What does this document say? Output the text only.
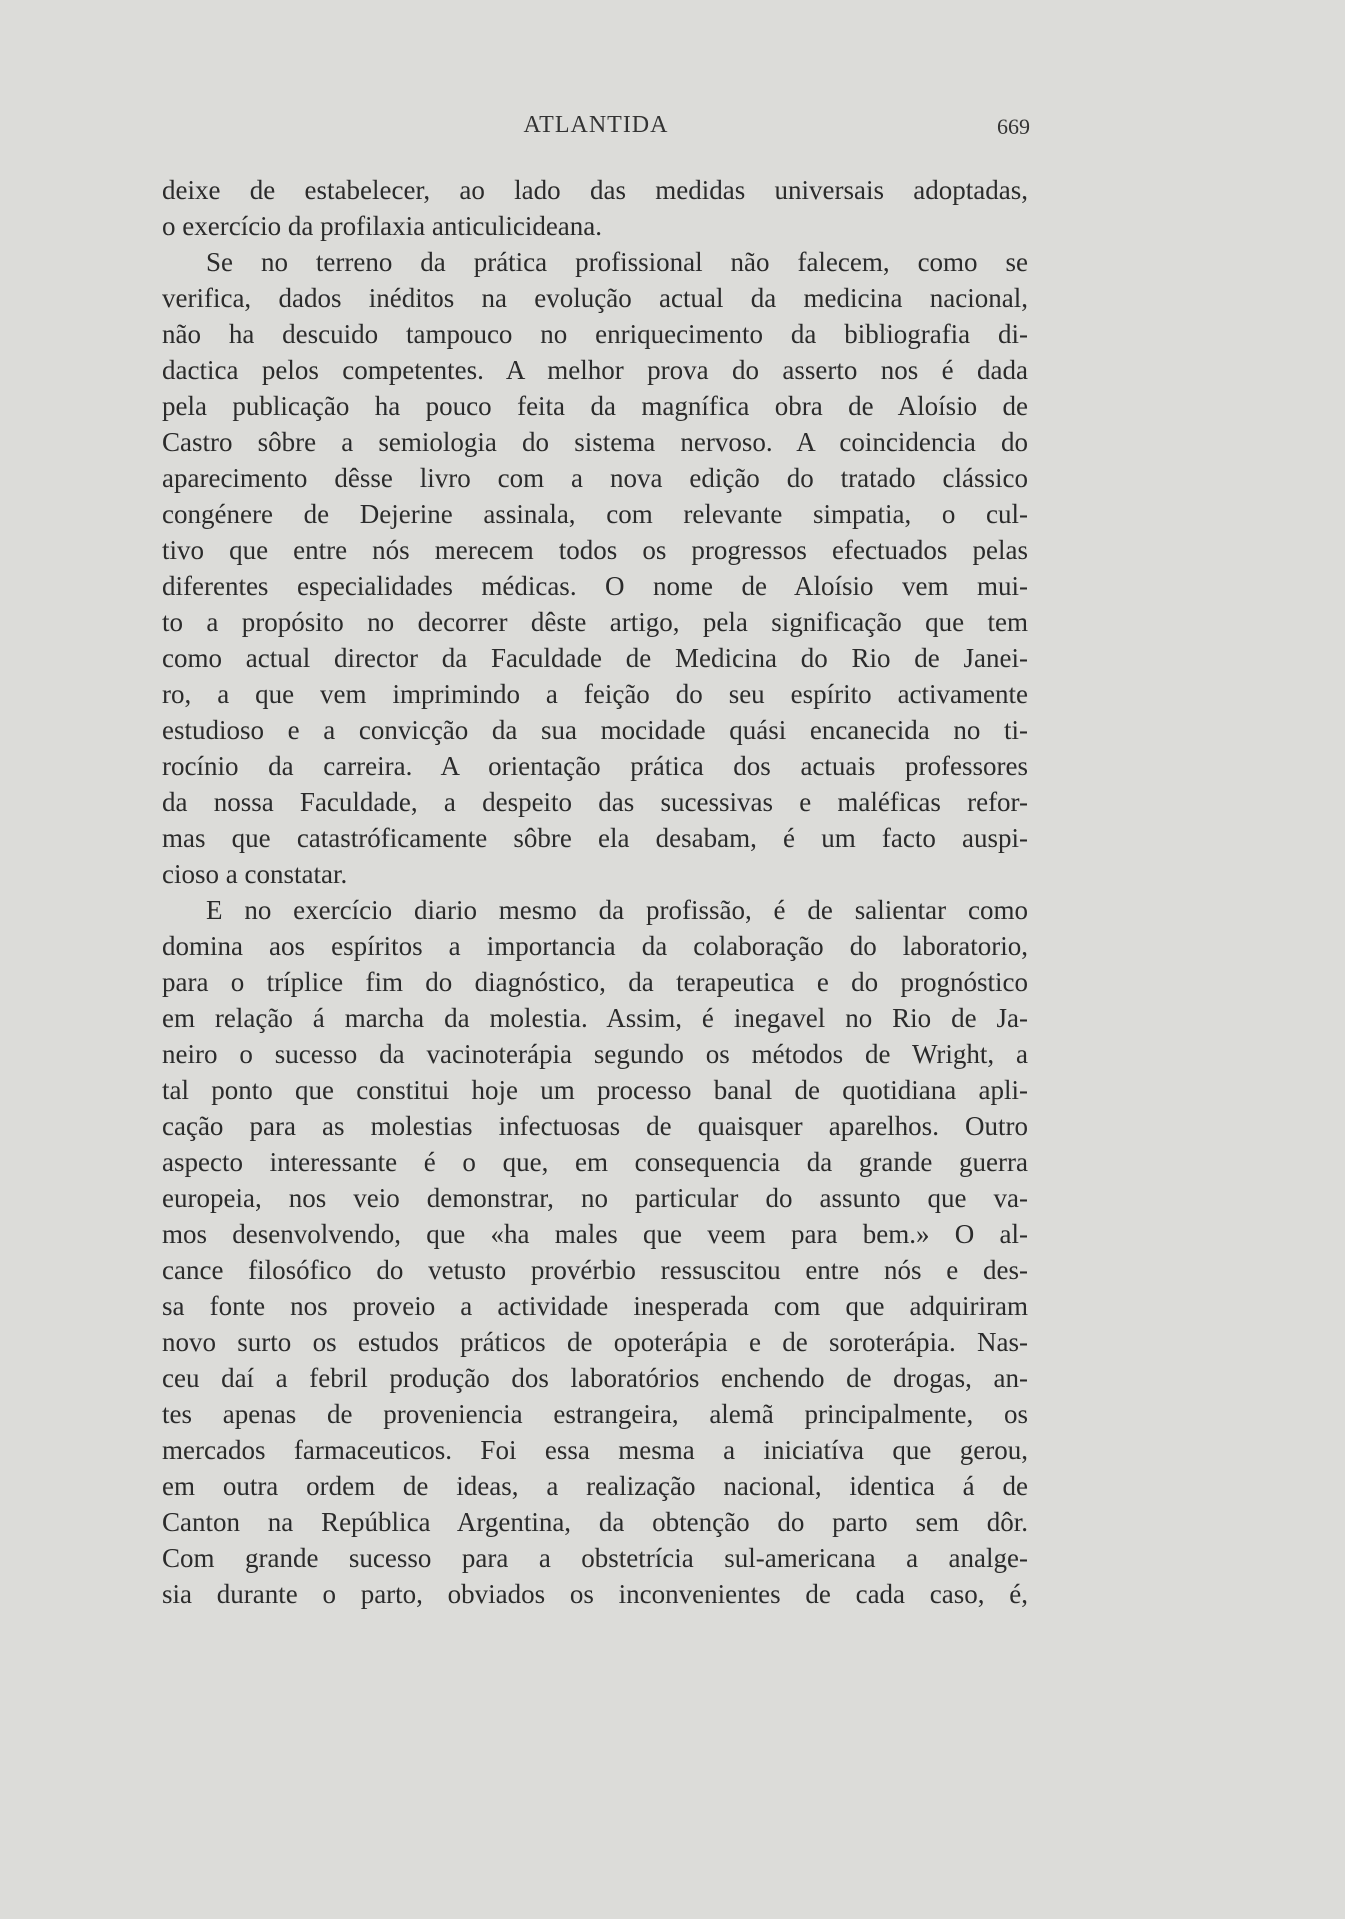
ATLANTIDA	669
deixe de estabelecer, ao lado das medidas universais adoptadas,
o exercício da profilaxia anticulicideana.
Se no terreno da prática profissional não falecem, como se
verifica, dados inéditos na evolução actual da medicina nacional,
não ha descuido tampouco no enriquecimento da bibliografia di-
dactica pelos competentes. A melhor prova do asserto nos é dada
pela publicação ha pouco feita da magnífica obra de Aloísio de
Castro sôbre a semiologia do sistema nervoso. A coincidencia do
aparecimento dêsse livro com a nova edição do tratado clássico
congénere de Dejerine assinala, com relevante simpatia, o cul-
tivo que entre nós merecem todos os progressos efectuados pelas
diferentes especialidades médicas. O nome de Aloísio vem mui-
to a propósito no decorrer dêste artigo, pela significação que tem
como actual director da Faculdade de Medicina do Rio de Janei-
ro, a que vem imprimindo a feição do seu espírito activamente
estudioso e a convicção da sua mocidade quási encanecida no ti-
rocínio da carreira. A orientação prática dos actuais professores
da nossa Faculdade, a despeito das sucessivas e maléficas refor-
mas que catastróficamente sôbre ela desabam, é um facto auspi-
cioso a constatar.
E no exercício diario mesmo da profissão, é de salientar como
domina aos espíritos a importancia da colaboração do laboratorio,
para o tríplice fim do diagnóstico, da terapeutica e do prognóstico
em relação á marcha da molestia. Assim, é inegavel no Rio de Ja-
neiro o sucesso da vacinoterápia segundo os métodos de Wright, a
tal ponto que constitui hoje um processo banal de quotidiana apli-
cação para as molestias infectuosas de quaisquer aparelhos. Outro
aspecto interessante é o que, em consequencia da grande guerra
europeia, nos veio demonstrar, no particular do assunto que va-
mos desenvolvendo, que «ha males que veem para bem.» O al-
cance filosófico do vetusto provérbio ressuscitou entre nós e des-
sa fonte nos proveio a actividade inesperada com que adquiriram
novo surto os estudos práticos de opoterápia e de soroterápia. Nas-
ceu daí a febril produção dos laboratórios enchendo de drogas, an-
tes apenas de proveniencia estrangeira, alemã principalmente, os
mercados farmaceuticos. Foi essa mesma a iniciatíva que gerou,
em outra ordem de ideas, a realização nacional, identica á de
Canton na República Argentina, da obtenção do parto sem dôr.
Com grande sucesso para a obstetrícia sul-americana a analge-
sia durante o parto, obviados os inconvenientes de cada caso, é,
